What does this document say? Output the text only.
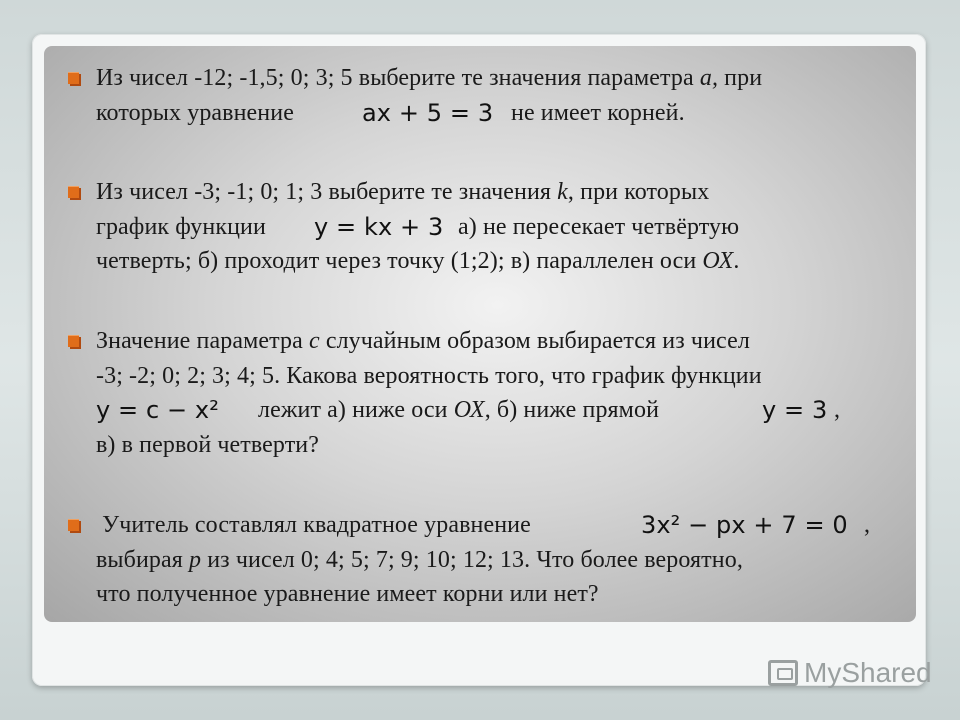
Из чисел -12; -1,5; 0; 3; 5 выберите те значения параметра а, при
которых уравнение	ax + 5 = 3 не имеет корней.
Из чисел -3; -1; 0; 1; 3 выберите те значения k, при которых
график функции y = kx + 3 а) не пересекает четвёртую
четверть; б) проходит через точку (1;2); в) параллелен оси ОХ.
Значение параметра с случайным образом выбирается из чисел
-3; -2; 0; 2; 3; 4; 5. Какова вероятность того, что график функции
y = c − x² лежит а) ниже оси ОХ, б) ниже прямой	y = 3 ,
в) в первой четверти?
Учитель составлял квадратное уравнение	3x² − px + 7 = 0 ,
выбирая р из чисел 0; 4; 5; 7; 9; 10; 12; 13. Что более вероятно,
что полученное уравнение имеет корни или нет?
MyShared
